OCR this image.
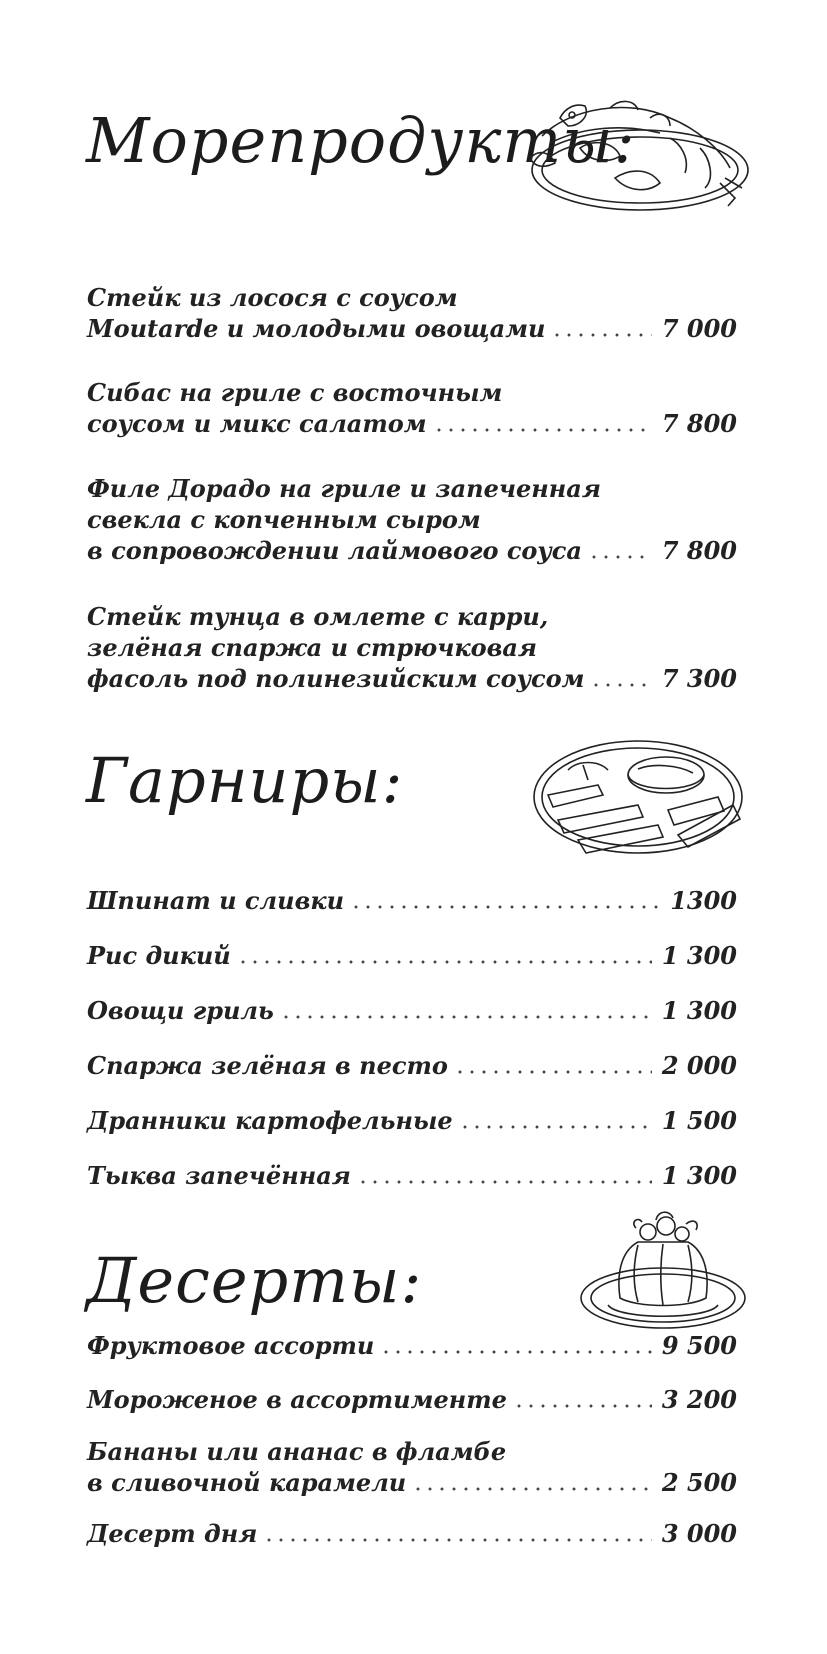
Морепродукты:
Стейк из лосося с соусом
Moutarde и молодыми овощами	7 000
Сибас на гриле с восточным
соусом и микс салатом	7 800
Филе Дорадо на гриле и запеченная
свекла с копченным сыром
в сопровождении лаймового соуса	7 800
Стейк тунца в омлете с карри,
зелёная спаржа и стрючковая
фасоль под полинезийским соусом	7 300
Гарниры:
Шпинат и сливки	1300
Рис дикий	1 300
Овощи гриль	1 300
Спаржа зелёная в песто	2 000
Дранники картофельные	1 500
Тыква запечённая	1 300
Десерты:
Фруктовое ассорти	9 500
Мороженое в ассортименте	3 200
Бананы или ананас в фламбе
в сливочной карамели	2 500
Десерт дня	3 000
